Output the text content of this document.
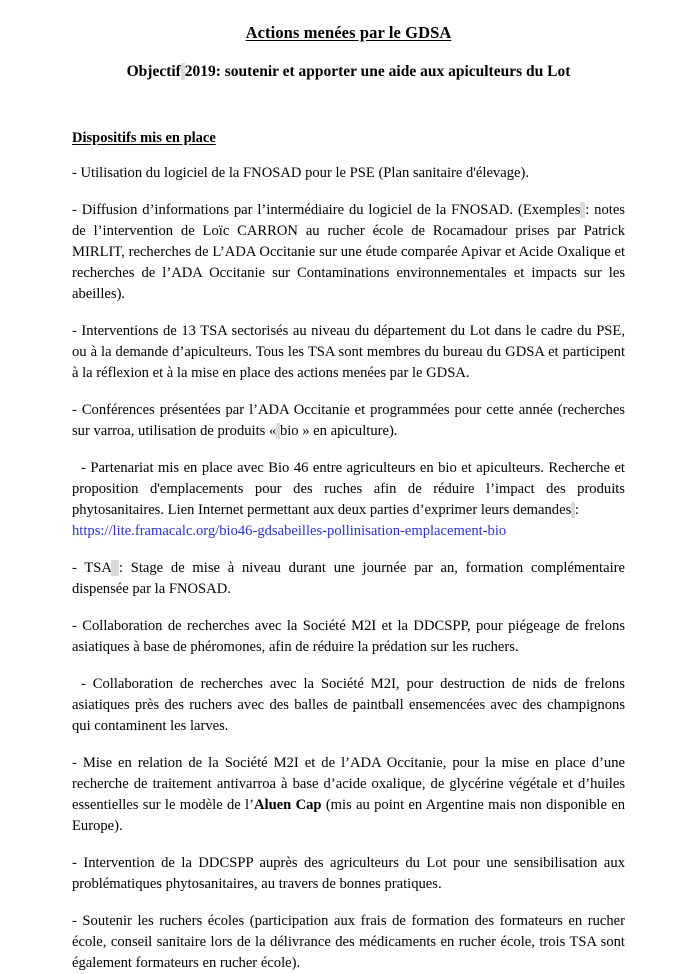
Actions menées par le GDSA
Objectif 2019: soutenir et apporter une aide aux apiculteurs du Lot
Dispositifs mis en place

- Utilisation du logiciel de la FNOSAD pour le PSE (Plan sanitaire d'élevage).

- Diffusion d’informations par l’intermédiaire du logiciel de la FNOSAD. (Exemples : notes de l’intervention de Loïc CARRON au rucher école de Rocamadour prises par Patrick MIRLIT, recherches de L’ADA Occitanie sur une étude comparée Apivar et Acide Oxalique et recherches de l’ADA Occitanie sur Contaminations environnementales et impacts sur les abeilles).

- Interventions de 13 TSA sectorisés au niveau du département du Lot dans le cadre du PSE, ou à la demande d’apiculteurs. Tous les TSA sont membres du bureau du GDSA et participent à la réflexion et à la mise en place des actions menées par le GDSA.

- Conférences présentées par l’ADA Occitanie et programmées pour cette année (recherches sur varroa, utilisation de produits « bio » en apiculture).

- Partenariat mis en place avec Bio 46 entre agriculteurs en bio et apiculteurs. Recherche et proposition d'emplacements pour des ruches afin de réduire l’impact des produits phytosanitaires. Lien Internet permettant aux deux parties d’exprimer leurs demandes :
https://lite.framacalc.org/bio46-gdsabeilles-pollinisation-emplacement-bio

- TSA : Stage de mise à niveau durant une journée par an, formation complémentaire dispensée par la FNOSAD.

- Collaboration de recherches avec la Société M2I et la DDCSPP, pour piégeage de frelons asiatiques à base de phéromones, afin de réduire la prédation sur les ruchers.

- Collaboration de recherches avec la Société M2I, pour destruction de nids de frelons asiatiques près des ruchers avec des balles de paintball ensemencées avec des champignons qui contaminent les larves.

- Mise en relation de la Société M2I et de l’ADA Occitanie, pour la mise en place d’une recherche de traitement antivarroa à base d’acide oxalique, de glycérine végétale et d’huiles essentielles sur le modèle de l’Aluen Cap (mis au point en Argentine mais non disponible en Europe).

- Intervention de la DDCSPP auprès des agriculteurs du Lot pour une sensibilisation aux problématiques phytosanitaires, au travers de bonnes pratiques.

- Soutenir les ruchers écoles (participation aux frais de formation des formateurs en rucher école, conseil sanitaire lors de la délivrance des médicaments en rucher école, trois TSA sont également formateurs en rucher école).
